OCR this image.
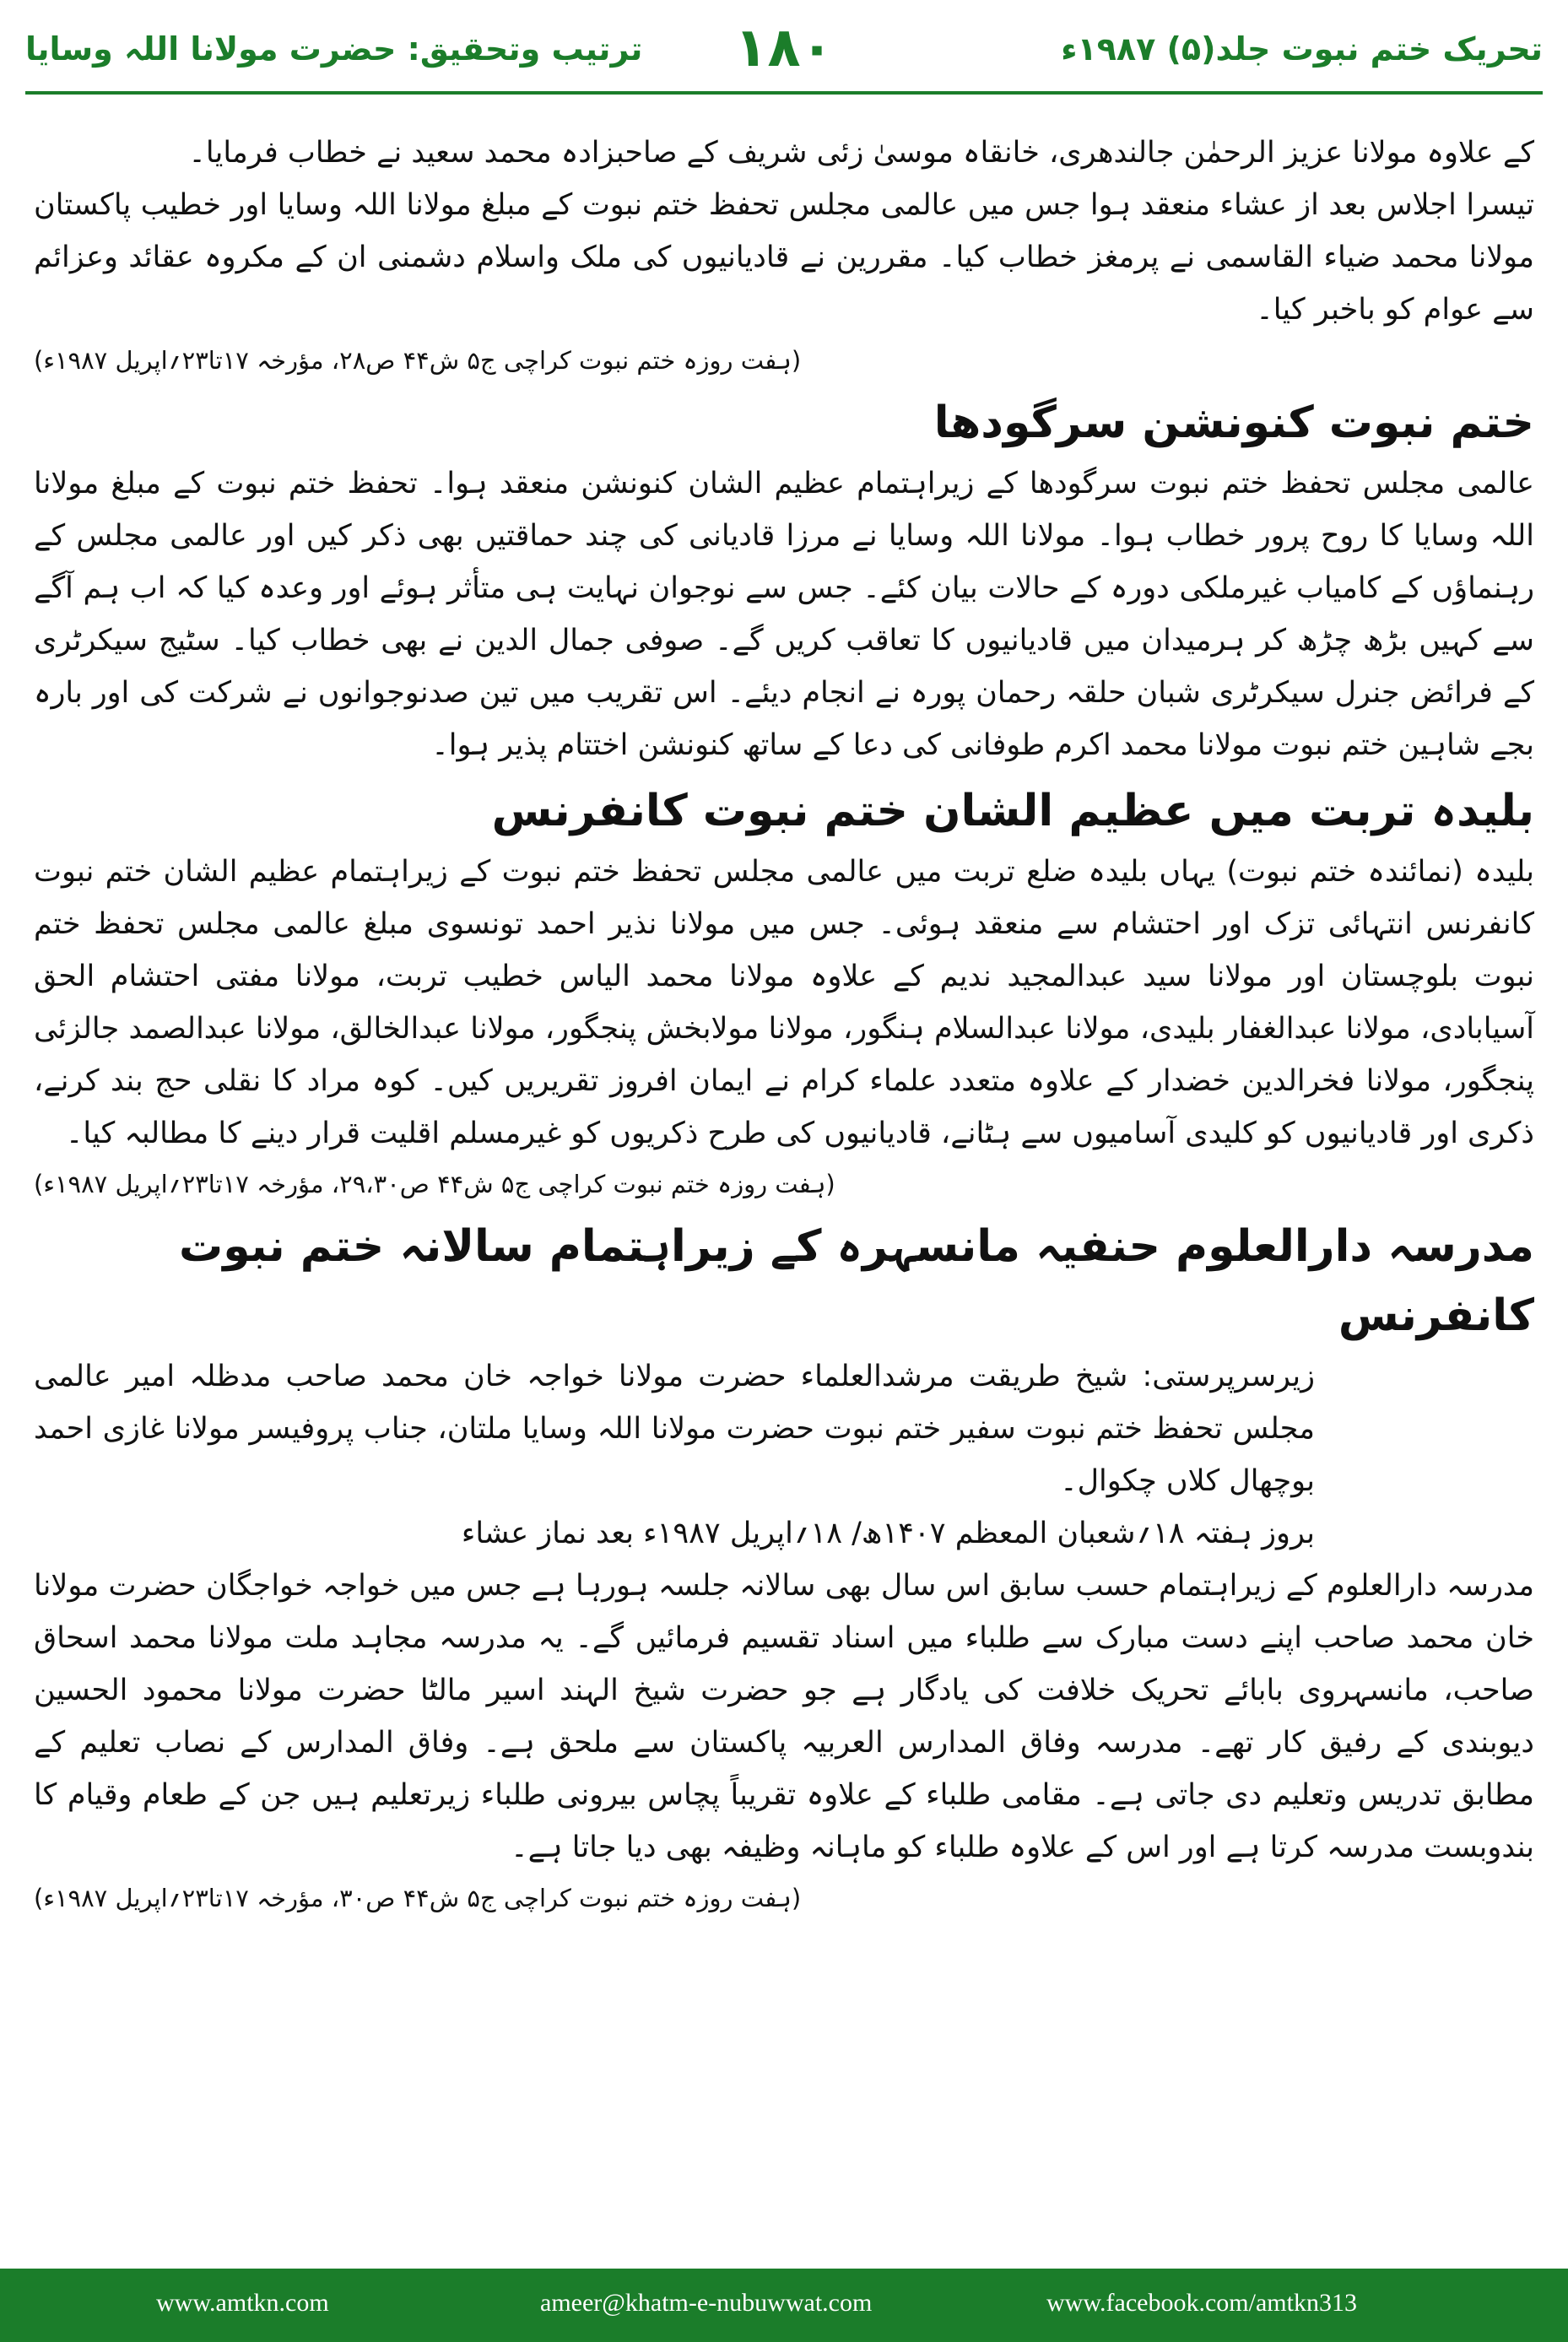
ترتیب وتحقیق: حضرت مولانا اللہ وسایا	۱۸۰	تحریک ختم نبوت جلد(۵) ۱۹۸۷ء

کے علاوہ مولانا عزیز الرحمٰن جالندھری، خانقاہ موسیٰ زئی شریف کے صاحبزادہ محمد سعید نے خطاب فرمایا۔

تیسرا اجلاس بعد از عشاء منعقد ہوا جس میں عالمی مجلس تحفظ ختم نبوت کے مبلغ مولانا اللہ وسایا اور خطیب پاکستان مولانا محمد ضیاء القاسمی نے پرمغز خطاب کیا۔ مقررین نے قادیانیوں کی ملک واسلام دشمنی ان کے مکروہ عقائد وعزائم سے عوام کو باخبر کیا۔

(ہفت روزہ ختم نبوت کراچی ج۵ ش۴۴ ص۲۸، مؤرخہ ۱۷تا۲۳؍اپریل ۱۹۸۷ء)
ختم نبوت کنونشن سرگودھا

عالمی مجلس تحفظ ختم نبوت سرگودھا کے زیراہتمام عظیم الشان کنونشن منعقد ہوا۔ تحفظ ختم نبوت کے مبلغ مولانا اللہ وسایا کا روح پرور خطاب ہوا۔ مولانا اللہ وسایا نے مرزا قادیانی کی چند حماقتیں بھی ذکر کیں اور عالمی مجلس کے رہنماؤں کے کامیاب غیرملکی دورہ کے حالات بیان کئے۔ جس سے نوجوان نہایت ہی متأثر ہوئے اور وعدہ کیا کہ اب ہم آگے سے کہیں بڑھ چڑھ کر ہرمیدان میں قادیانیوں کا تعاقب کریں گے۔ صوفی جمال الدین نے بھی خطاب کیا۔ سٹیج سیکرٹری کے فرائض جنرل سیکرٹری شبان حلقہ رحمان پورہ نے انجام دیئے۔ اس تقریب میں تین صدنوجوانوں نے شرکت کی اور بارہ بجے شاہین ختم نبوت مولانا محمد اکرم طوفانی کی دعا کے ساتھ کنونشن اختتام پذیر ہوا۔

بلیدہ تربت میں عظیم الشان ختم نبوت کانفرنس

بلیدہ (نمائندہ ختم نبوت) یہاں بلیدہ ضلع تربت میں عالمی مجلس تحفظ ختم نبوت کے زیراہتمام عظیم الشان ختم نبوت کانفرنس انتہائی تزک اور احتشام سے منعقد ہوئی۔ جس میں مولانا نذیر احمد تونسوی مبلغ عالمی مجلس تحفظ ختم نبوت بلوچستان اور مولانا سید عبدالمجید ندیم کے علاوہ مولانا محمد الیاس خطیب تربت، مولانا مفتی احتشام الحق آسیابادی، مولانا عبدالغفار بلیدی، مولانا عبدالسلام ہنگور، مولانا مولابخش پنجگور، مولانا عبدالخالق، مولانا عبدالصمد جالزئی پنجگور، مولانا فخرالدین خضدار کے علاوہ متعدد علماء کرام نے ایمان افروز تقریریں کیں۔ کوہ مراد کا نقلی حج بند کرنے، ذکری اور قادیانیوں کو کلیدی آسامیوں سے ہٹانے، قادیانیوں کی طرح ذکریوں کو غیرمسلم اقلیت قرار دینے کا مطالبہ کیا۔

(ہفت روزہ ختم نبوت کراچی ج۵ ش۴۴ ص۲۹،۳۰، مؤرخہ ۱۷تا۲۳؍اپریل ۱۹۸۷ء)
مدرسہ دارالعلوم حنفیہ مانسہرہ کے زیراہتمام سالانہ ختم نبوت کانفرنس

زیرسرپرستی: شیخ طریقت مرشدالعلماء حضرت مولانا خواجہ خان محمد صاحب مدظلہ امیر عالمی مجلس تحفظ ختم نبوت سفیر ختم نبوت حضرت مولانا اللہ وسایا ملتان، جناب پروفیسر مولانا غازی احمد بوچھال کلاں چکوال۔

بروز ہفتہ ۱۸؍شعبان المعظم ۱۴۰۷ھ/ ۱۸؍اپریل ۱۹۸۷ء بعد نماز عشاء

مدرسہ دارالعلوم کے زیراہتمام حسب سابق اس سال بھی سالانہ جلسہ ہورہا ہے جس میں خواجہ خواجگان حضرت مولانا خان محمد صاحب اپنے دست مبارک سے طلباء میں اسناد تقسیم فرمائیں گے۔ یہ مدرسہ مجاہد ملت مولانا محمد اسحاق صاحب، مانسہروی بابائے تحریک خلافت کی یادگار ہے جو حضرت شیخ الہند اسیر مالٹا حضرت مولانا محمود الحسین دیوبندی کے رفیق کار تھے۔ مدرسہ وفاق المدارس العربیہ پاکستان سے ملحق ہے۔ وفاق المدارس کے نصاب تعلیم کے مطابق تدریس وتعلیم دی جاتی ہے۔ مقامی طلباء کے علاوہ تقریباً پچاس بیرونی طلباء زیرتعلیم ہیں جن کے طعام وقیام کا بندوبست مدرسہ کرتا ہے اور اس کے علاوہ طلباء کو ماہانہ وظیفہ بھی دیا جاتا ہے۔

(ہفت روزہ ختم نبوت کراچی ج۵ ش۴۴ ص۳۰، مؤرخہ ۱۷تا۲۳؍اپریل ۱۹۸۷ء)
www.amtkn.com	ameer@khatm-e-nubuwwat.com	www.facebook.com/amtkn313
